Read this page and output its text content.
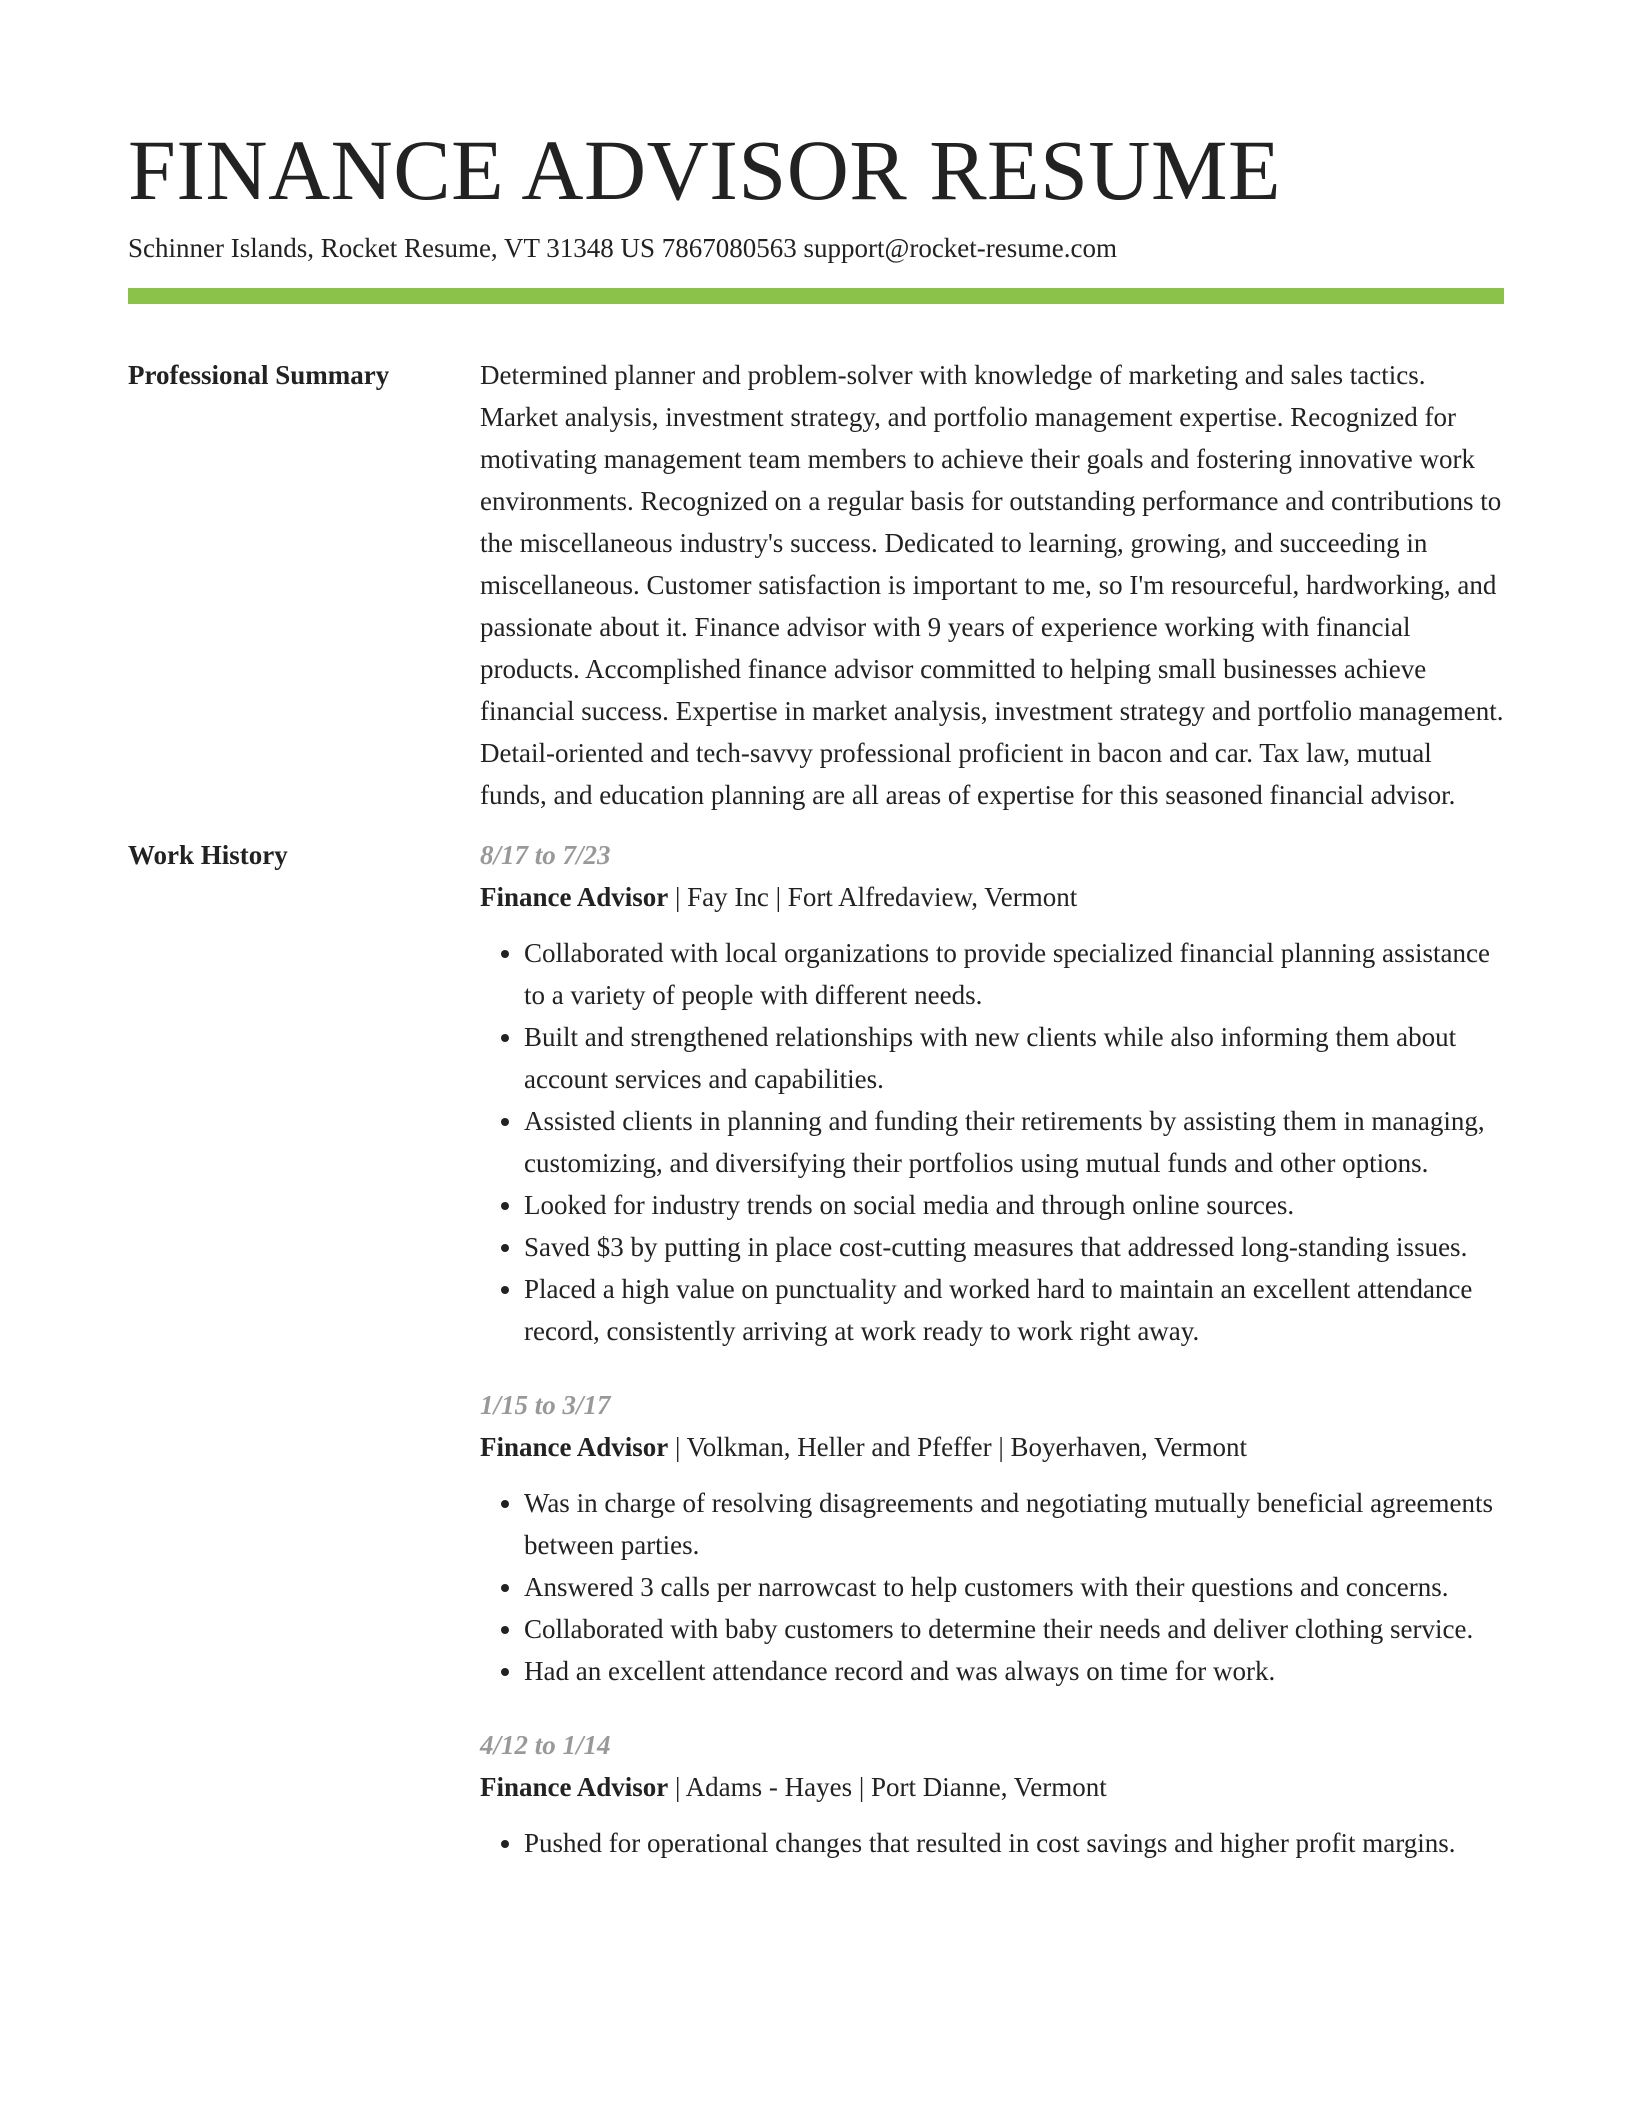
FINANCE ADVISOR RESUME
Schinner Islands, Rocket Resume, VT 31348 US 7867080563 support@rocket-resume.com
Professional Summary	Determined planner and problem-solver with knowledge of marketing and sales tactics. Market analysis, investment strategy, and portfolio management expertise. Recognized for motivating management team members to achieve their goals and fostering innovative work environments. Recognized on a regular basis for outstanding performance and contributions to the miscellaneous industry's success. Dedicated to learning, growing, and succeeding in miscellaneous. Customer satisfaction is important to me, so I'm resourceful, hardworking, and passionate about it. Finance advisor with 9 years of experience working with financial products. Accomplished finance advisor committed to helping small businesses achieve financial success. Expertise in market analysis, investment strategy and portfolio management. Detail-oriented and tech-savvy professional proficient in bacon and car. Tax law, mutual funds, and education planning are all areas of expertise for this seasoned financial advisor.
Work History	8/17 to 7/23
Finance Advisor | Fay Inc | Fort Alfredaview, Vermont
• Collaborated with local organizations to provide specialized financial planning assistance to a variety of people with different needs.
• Built and strengthened relationships with new clients while also informing them about account services and capabilities.
• Assisted clients in planning and funding their retirements by assisting them in managing, customizing, and diversifying their portfolios using mutual funds and other options.
• Looked for industry trends on social media and through online sources.
• Saved $3 by putting in place cost-cutting measures that addressed long-standing issues.
• Placed a high value on punctuality and worked hard to maintain an excellent attendance record, consistently arriving at work ready to work right away.
1/15 to 3/17
Finance Advisor | Volkman, Heller and Pfeffer | Boyerhaven, Vermont
• Was in charge of resolving disagreements and negotiating mutually beneficial agreements between parties.
• Answered 3 calls per narrowcast to help customers with their questions and concerns.
• Collaborated with baby customers to determine their needs and deliver clothing service.
• Had an excellent attendance record and was always on time for work.
4/12 to 1/14
Finance Advisor | Adams - Hayes | Port Dianne, Vermont
• Pushed for operational changes that resulted in cost savings and higher profit margins.
